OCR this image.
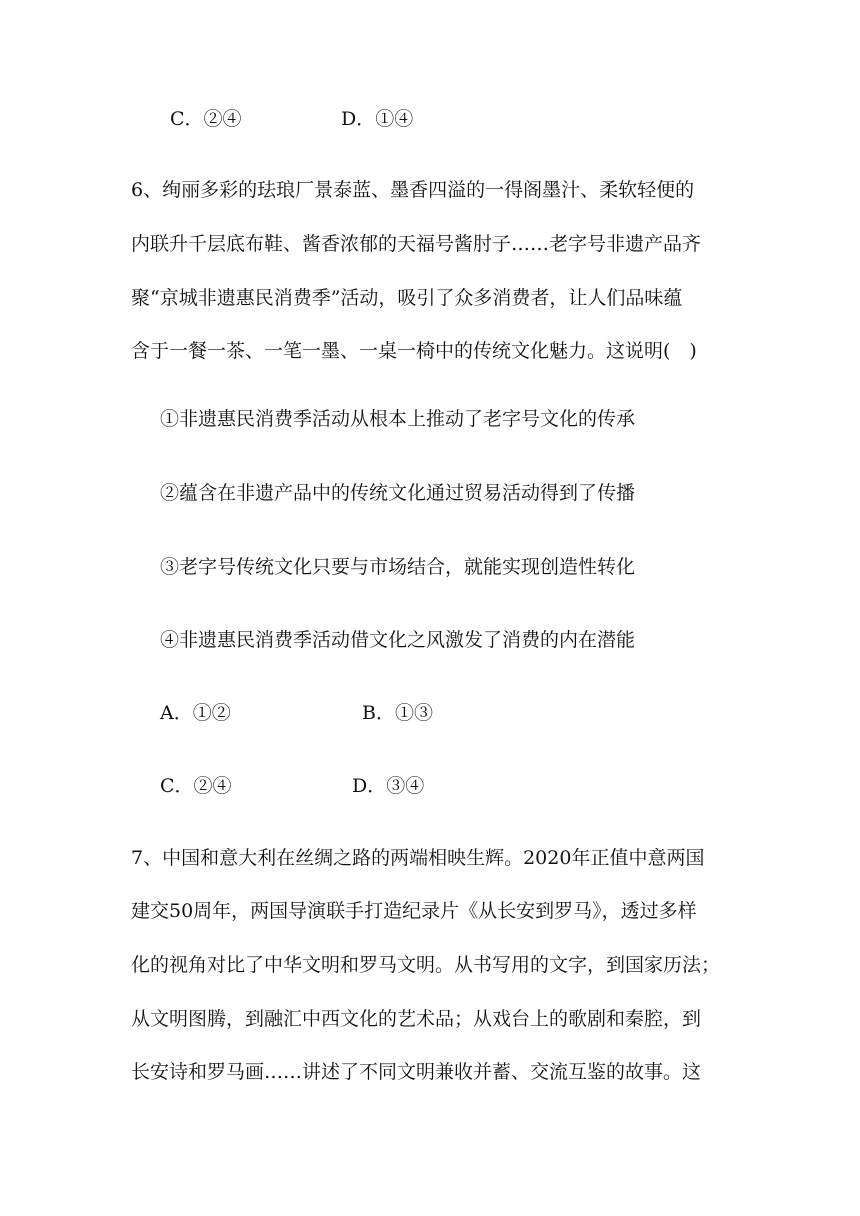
C．②④	D．①④
6、绚丽多彩的珐琅厂景泰蓝、墨香四溢的一得阁墨汁、柔软轻便的
内联升千层底布鞋、酱香浓郁的天福号酱肘子……老字号非遗产品齐
聚“京城非遗惠民消费季”活动，吸引了众多消费者，让人们品味蕴
含于一餐一茶、一笔一墨、一桌一椅中的传统文化魅力。这说明(　)
①非遗惠民消费季活动从根本上推动了老字号文化的传承
②蕴含在非遗产品中的传统文化通过贸易活动得到了传播
③老字号传统文化只要与市场结合，就能实现创造性转化
④非遗惠民消费季活动借文化之风激发了消费的内在潜能
A．①②	B．①③
C．②④	D．③④
7、中国和意大利在丝绸之路的两端相映生辉。2020年正值中意两国
建交50周年，两国导演联手打造纪录片《从长安到罗马》，透过多样
化的视角对比了中华文明和罗马文明。从书写用的文字，到国家历法；
从文明图腾，到融汇中西文化的艺术品；从戏台上的歌剧和秦腔，到
长安诗和罗马画……讲述了不同文明兼收并蓄、交流互鉴的故事。这
